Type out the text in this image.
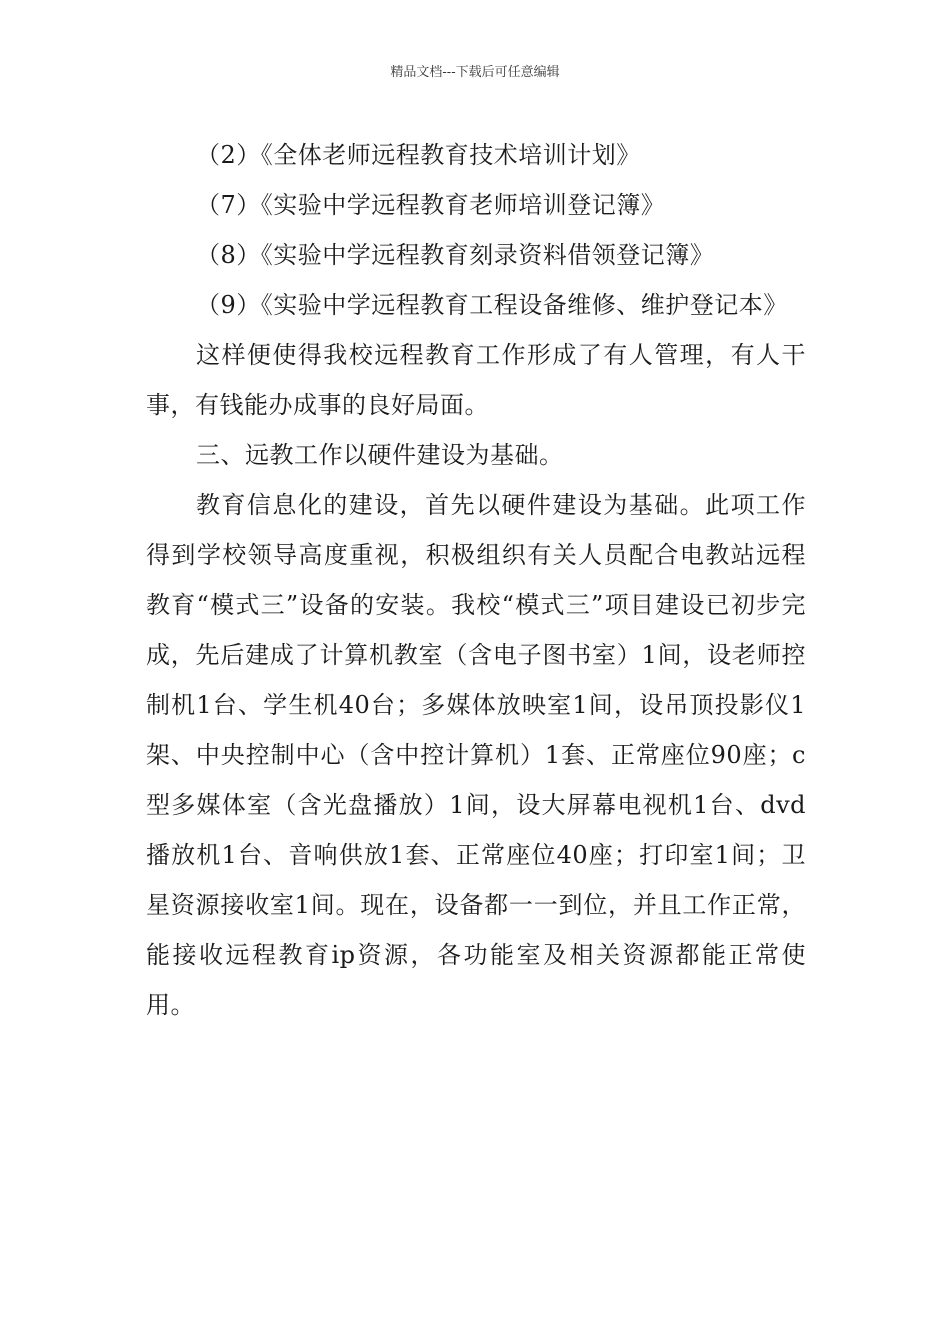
精品文档---下载后可任意编辑

（2）《全体老师远程教育技术培训计划》

（7）《实验中学远程教育老师培训登记簿》

（8）《实验中学远程教育刻录资料借领登记簿》

（9）《实验中学远程教育工程设备维修、维护登记本》

这样便使得我校远程教育工作形成了有人管理，有人干事，有钱能办成事的良好局面。

三、远教工作以硬件建设为基础。

教育信息化的建设，首先以硬件建设为基础。此项工作得到学校领导高度重视，积极组织有关人员配合电教站远程教育“模式三”设备的安装。我校“模式三”项目建设已初步完成，先后建成了计算机教室（含电子图书室）1间，设老师控制机1台、学生机40台；多媒体放映室1间，设吊顶投影仪1架、中央控制中心（含中控计算机）1套、正常座位90座；c型多媒体室（含光盘播放）1间，设大屏幕电视机1台、dvd播放机1台、音响供放1套、正常座位40座；打印室1间；卫星资源接收室1间。现在，设备都一一到位，并且工作正常，能接收远程教育ip资源，各功能室及相关资源都能正常使用。
